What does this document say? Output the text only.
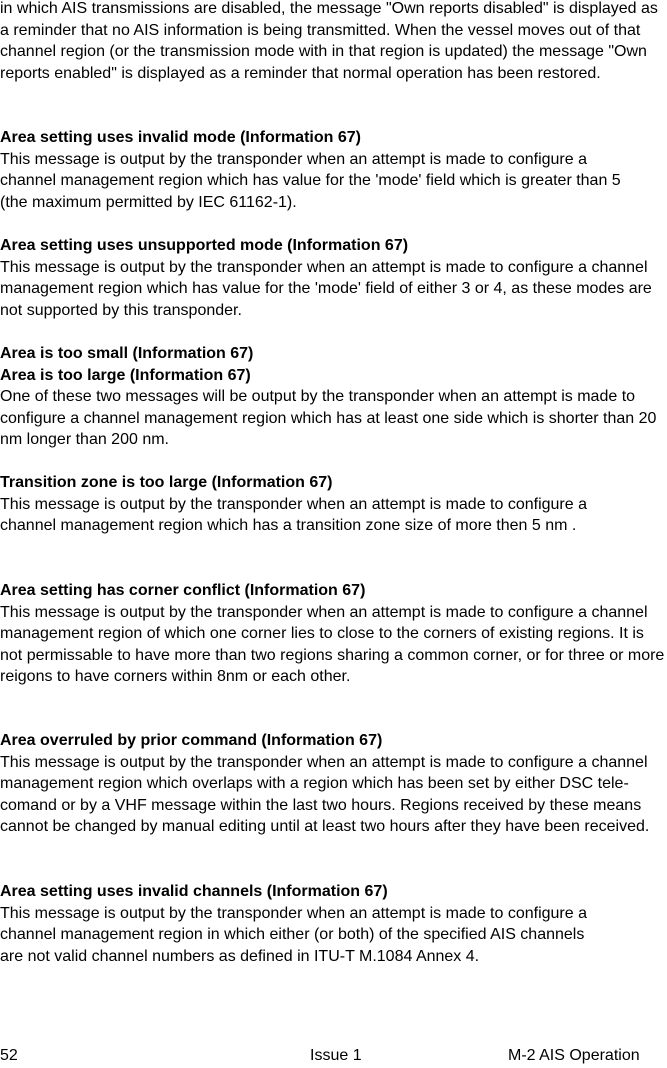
in which AIS transmissions are disabled, the message "Own reports disabled" is displayed as a reminder that no AIS information is being transmitted. When the vessel moves out of that channel region (or the transmission mode with in that region is updated) the message "Own reports enabled" is displayed as a reminder that normal operation has been restored.

Area setting uses invalid mode (Information 67)

This message is output by the transponder when an attempt is made to configure a channel management region which has value for the 'mode' field which is greater than 5 (the maximum permitted by IEC 61162-1).

Area setting uses unsupported mode (Information 67)

This message is output by the transponder when an attempt is made to configure a channel management region which has value for the 'mode' field of either 3 or 4, as these modes are not supported by this transponder.

Area is too small (Information 67)

Area is too large (Information 67)

One of these two messages will be output by the transponder when an attempt is made to configure a channel management region which has at least one side which is shorter than 20 nm longer than 200 nm.

Transition zone is too large (Information 67)

This message is output by the transponder when an attempt is made to configure a channel management region which has a transition zone size of more then 5 nm .

Area setting has corner conflict (Information 67)

This message is output by the transponder when an attempt is made to configure a channel management region of which one corner lies to close to the corners of existing regions. It is not permissable to have more than two regions sharing a common corner, or for three or more reigons to have corners within 8nm or each other.

Area overruled by prior command (Information 67)

This message is output by the transponder when an attempt is made to configure a channel management region which overlaps with a region which has been set by either DSC tele-comand or by a VHF message within the last two hours. Regions received by these means cannot be changed by manual editing until at least two hours after they have been received.

Area setting uses invalid channels (Information 67)

This message is output by the transponder when an attempt is made to configure a channel management region in which either (or both) of the specified AIS channels are not valid channel numbers as defined in ITU-T M.1084 Annex 4.

52	Issue 1	M-2 AIS Operation
